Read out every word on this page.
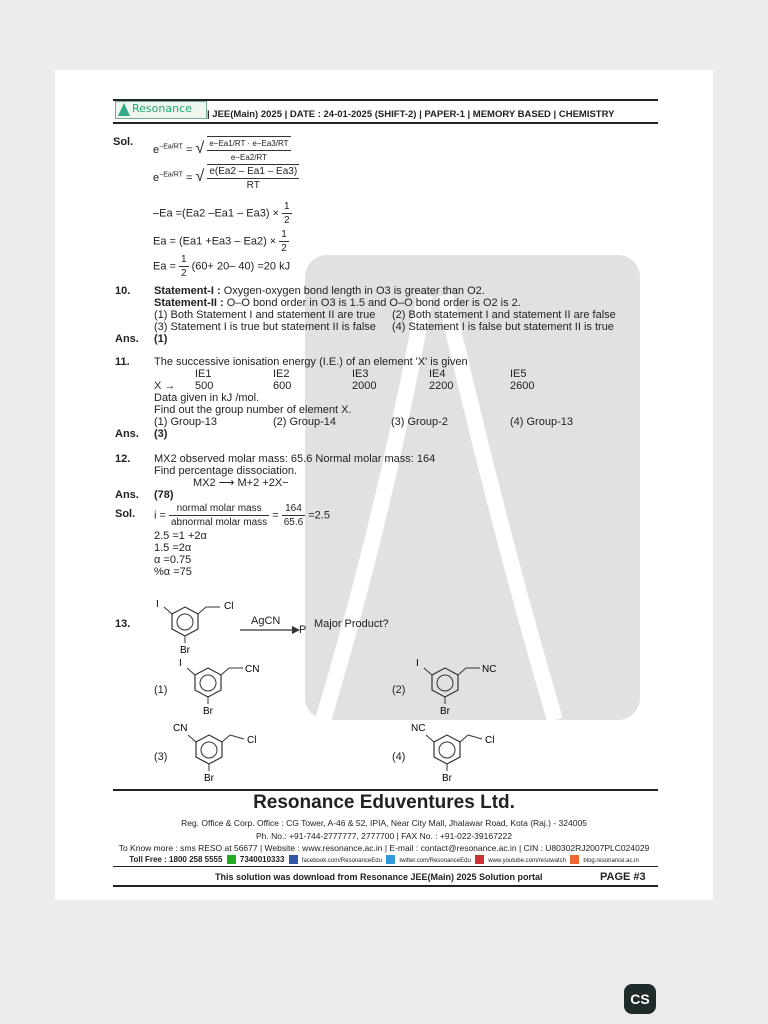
Resonance | JEE(Main) 2025 | DATE : 24-01-2025 (SHIFT-2) | PAPER-1 | MEMORY BASED | CHEMISTRY
Sol.
$e^{-Ea/RT}$ = √ $\frac{e-Ea1/RT \cdot e-Ea3/RT}{e-Ea2/RT}$
$e^{-Ea/RT}$ = √ $\frac{e(Ea2 - Ea1 - Ea3)}{RT}$
–Ea =(Ea2 $-Ea1 - Ea3) \times \frac{1}{2}$
$Ea = (Ea1 +Ea3 - Ea2) \times \frac{1}{2}$
$Ea = \frac{1}{2} (60+ 20-$ 40) =20 kJ
10. Statement-I : Oxygen-oxygen bond length in O3 is greater than O2.
Statement-II : O–O bond order in O3 is 1.5 and O–O bond order is O2 is 2.
(1) Both Statement I and statement II are true (2) Both statement I and statement II are false
(3) Statement I is true but statement II is false (4) Statement I is false but statement II is true
Ans. (1)
11. The successive ionisation energy (I.E.) of an element 'X' is given
IE1	IE2	IE3	IE4	IE5
X → 500	600	2000	2200	2600
Data given in kJ /mol.
Find out the group number of element X.
(1) Group-13	(2) Group-14	(3) Group-2	(4) Group-13
Ans. (3)
12. MX2 observed molar mass: 65.6 Normal molar mass: 164
Find percentage dissociation.
MX2 ⟶ M+2 +2X−
Ans. (78)
Sol. $i = \frac{\text{normal molar mass}}{\text{abnormal molar mass}} = \frac{164}{65.6} =2.5$
2.5 =1 +2α
1.5 =2α
α =0.75
%α =75
13.
I	Cl
Br
AgCN
→ P Major Product?
(1)
I
CN
Br
(2)
I
NC
Br
(3)
CN
Cl
Br
(4)
NC
Cl
Br
Resonance Eduventures Ltd.
Reg. Office & Corp. Office : CG Tower, A-46 & 52, IPIA, Near City Mall, Jhalawar Road, Kota (Raj.) - 324005
Ph. No.: +91-744-2777777, 2777700 | FAX No. : +91-022-39167222
To Know more : sms RESO at 56677 | Website : www.resonance.ac.in | E-mail : contact@resonance.ac.in | CIN : U80302RJ2007PLC024029
Toll Free : 1800 258 5555 7340010333	facebook.com/ResonanceEdu	twitter.com/ResonanceEdu	www.youtube.com/resowatch	blog.resonance.ac.in
This solution was download from Resonance JEE(Main) 2025 Solution portal	PAGE #3
CS
